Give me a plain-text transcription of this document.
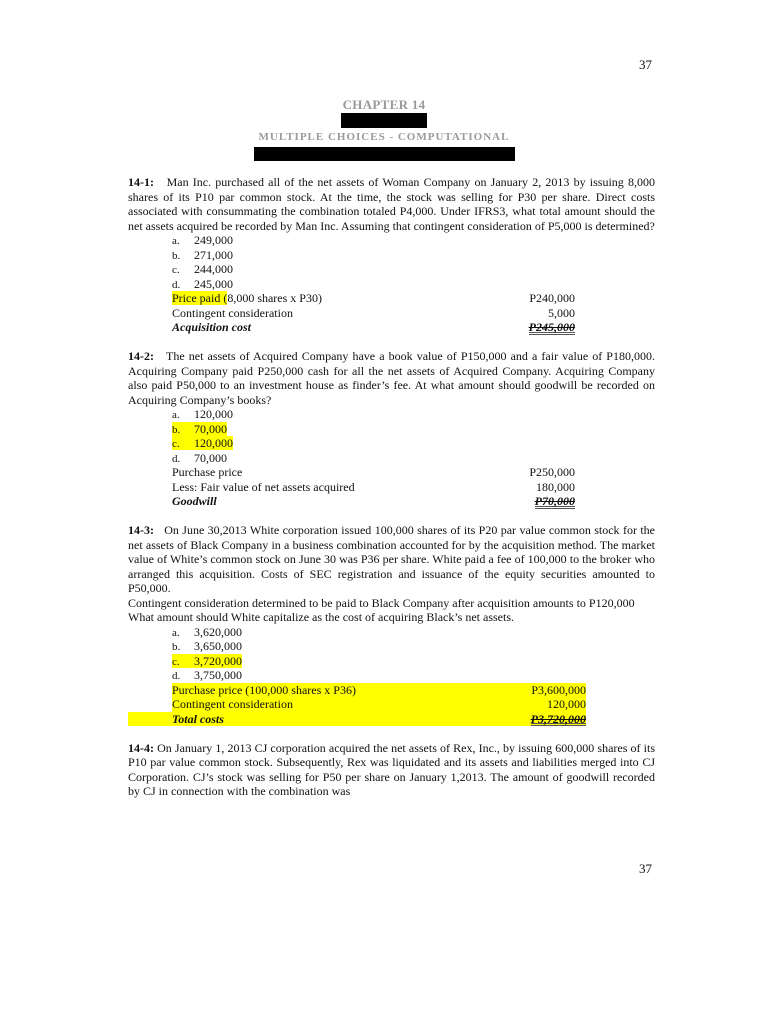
37
CHAPTER 14
MULTIPLE CHOICES - COMPUTATIONAL

14-1: Man Inc. purchased all of the net assets of Woman Company on January 2, 2013 by issuing 8,000 shares of its P10 par common stock. At the time, the stock was selling for P30 per share. Direct costs associated with consummating the combination totaled P4,000. Under IFRS3, what total amount should the net assets acquired be recorded by Man Inc. Assuming that contingent consideration of P5,000 is determined?

a. 249,000
b. 271,000
c. 244,000
d. 245,000
Price paid (8,000 shares x P30)	P240,000
Contingent consideration	5,000
Acquisition cost	P245,000

14-2: The net assets of Acquired Company have a book value of P150,000 and a fair value of P180,000. Acquiring Company paid P250,000 cash for all the net assets of Acquired Company. Acquiring Company also paid P50,000 to an investment house as finder’s fee. At what amount should goodwill be recorded on Acquiring Company’s books?

a. 120,000
b. 70,000
c. 120,000
d. 70,000
Purchase price	P250,000
Less: Fair value of net assets acquired	180,000
Goodwill	P70,000

14-3: On June 30,2013 White corporation issued 100,000 shares of its P20 par value common stock for the net assets of Black Company in a business combination accounted for by the acquisition method. The market value of White’s common stock on June 30 was P36 per share. White paid a fee of 100,000 to the broker who arranged this acquisition. Costs of SEC registration and issuance of the equity securities amounted to P50,000.

Contingent consideration determined to be paid to Black Company after acquisition amounts to P120,000

What amount should White capitalize as the cost of acquiring Black’s net assets.

a. 3,620,000
b. 3,650,000
c. 3,720,000
d. 3,750,000
Purchase price (100,000 shares x P36)	P3,600,000
Contingent consideration	120,000
Total costs	P3,720,000

14-4: On January 1, 2013 CJ corporation acquired the net assets of Rex, Inc., by issuing 600,000 shares of its P10 par value common stock. Subsequently, Rex was liquidated and its assets and liabilities merged into CJ Corporation. CJ’s stock was selling for P50 per share on January 1,2013. The amount of goodwill recorded by CJ in connection with the combination was

37
